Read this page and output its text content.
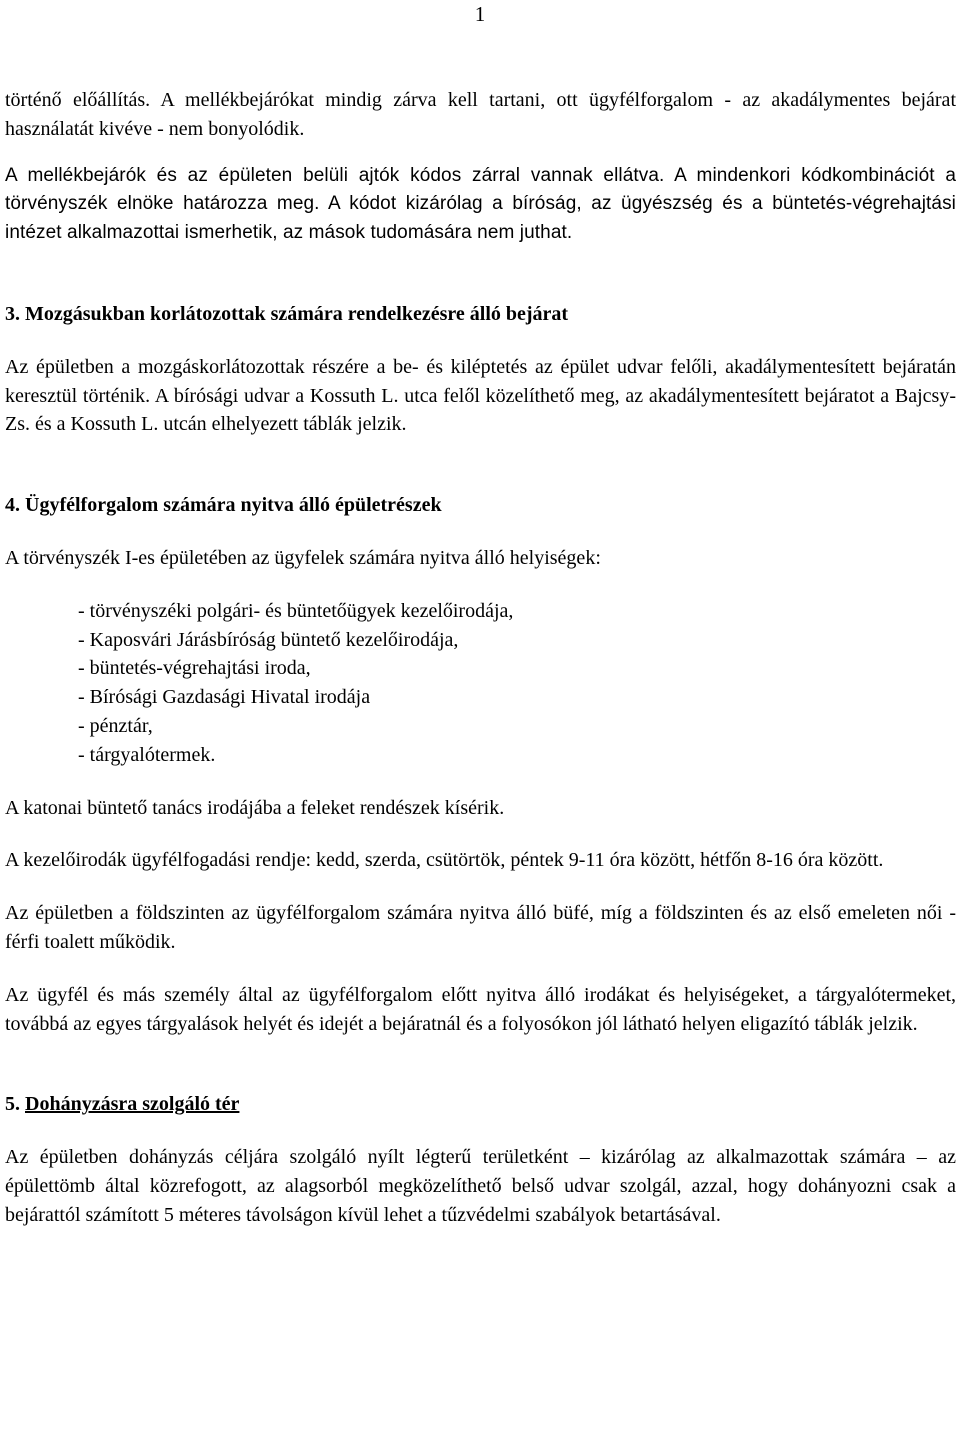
1

történő előállítás. A mellékbejárókat mindig zárva kell tartani, ott ügyfélforgalom - az akadálymentes bejárat használatát kivéve - nem bonyolódik.

A mellékbejárók és az épületen belüli ajtók kódos zárral vannak ellátva. A mindenkori kódkombinációt a törvényszék elnöke határozza meg. A kódot kizárólag a bíróság, az ügyészség és a büntetés-végrehajtási intézet alkalmazottai ismerhetik, az mások tudomására nem juthat.

3. Mozgásukban korlátozottak számára rendelkezésre álló bejárat

Az épületben a mozgáskorlátozottak részére a be- és kiléptetés az épület udvar felőli, akadálymentesített bejáratán keresztül történik. A bírósági udvar a Kossuth L. utca felől közelíthető meg, az akadálymentesített bejáratot a Bajcsy-Zs. és a Kossuth L. utcán elhelyezett táblák jelzik.

4. Ügyfélforgalom számára nyitva álló épületrészek

A törvényszék I-es épületében az ügyfelek számára nyitva álló helyiségek:

- törvényszéki polgári- és büntetőügyek kezelőirodája,
- Kaposvári Járásbíróság büntető kezelőirodája,
- büntetés-végrehajtási iroda,
- Bírósági Gazdasági Hivatal irodája
- pénztár,
- tárgyalótermek.

A katonai büntető tanács irodájába a feleket rendészek kísérik.

A kezelőirodák ügyfélfogadási rendje: kedd, szerda, csütörtök, péntek 9-11 óra között, hétfőn 8-16 óra között.

Az épületben a földszinten az ügyfélforgalom számára nyitva álló büfé, míg a földszinten és az első emeleten női - férfi toalett működik.

Az ügyfél és más személy által az ügyfélforgalom előtt nyitva álló irodákat és helyiségeket, a tárgyalótermeket, továbbá az egyes tárgyalások helyét és idejét a bejáratnál és a folyosókon jól látható helyen eligazító táblák jelzik.

5. Dohányzásra szolgáló tér

Az épületben dohányzás céljára szolgáló nyílt légterű területként – kizárólag az alkalmazottak számára – az épülettömb által közrefogott, az alagsorból megközelíthető belső udvar szolgál, azzal, hogy dohányozni csak a bejárattól számított 5 méteres távolságon kívül lehet a tűzvédelmi szabályok betartásával.
